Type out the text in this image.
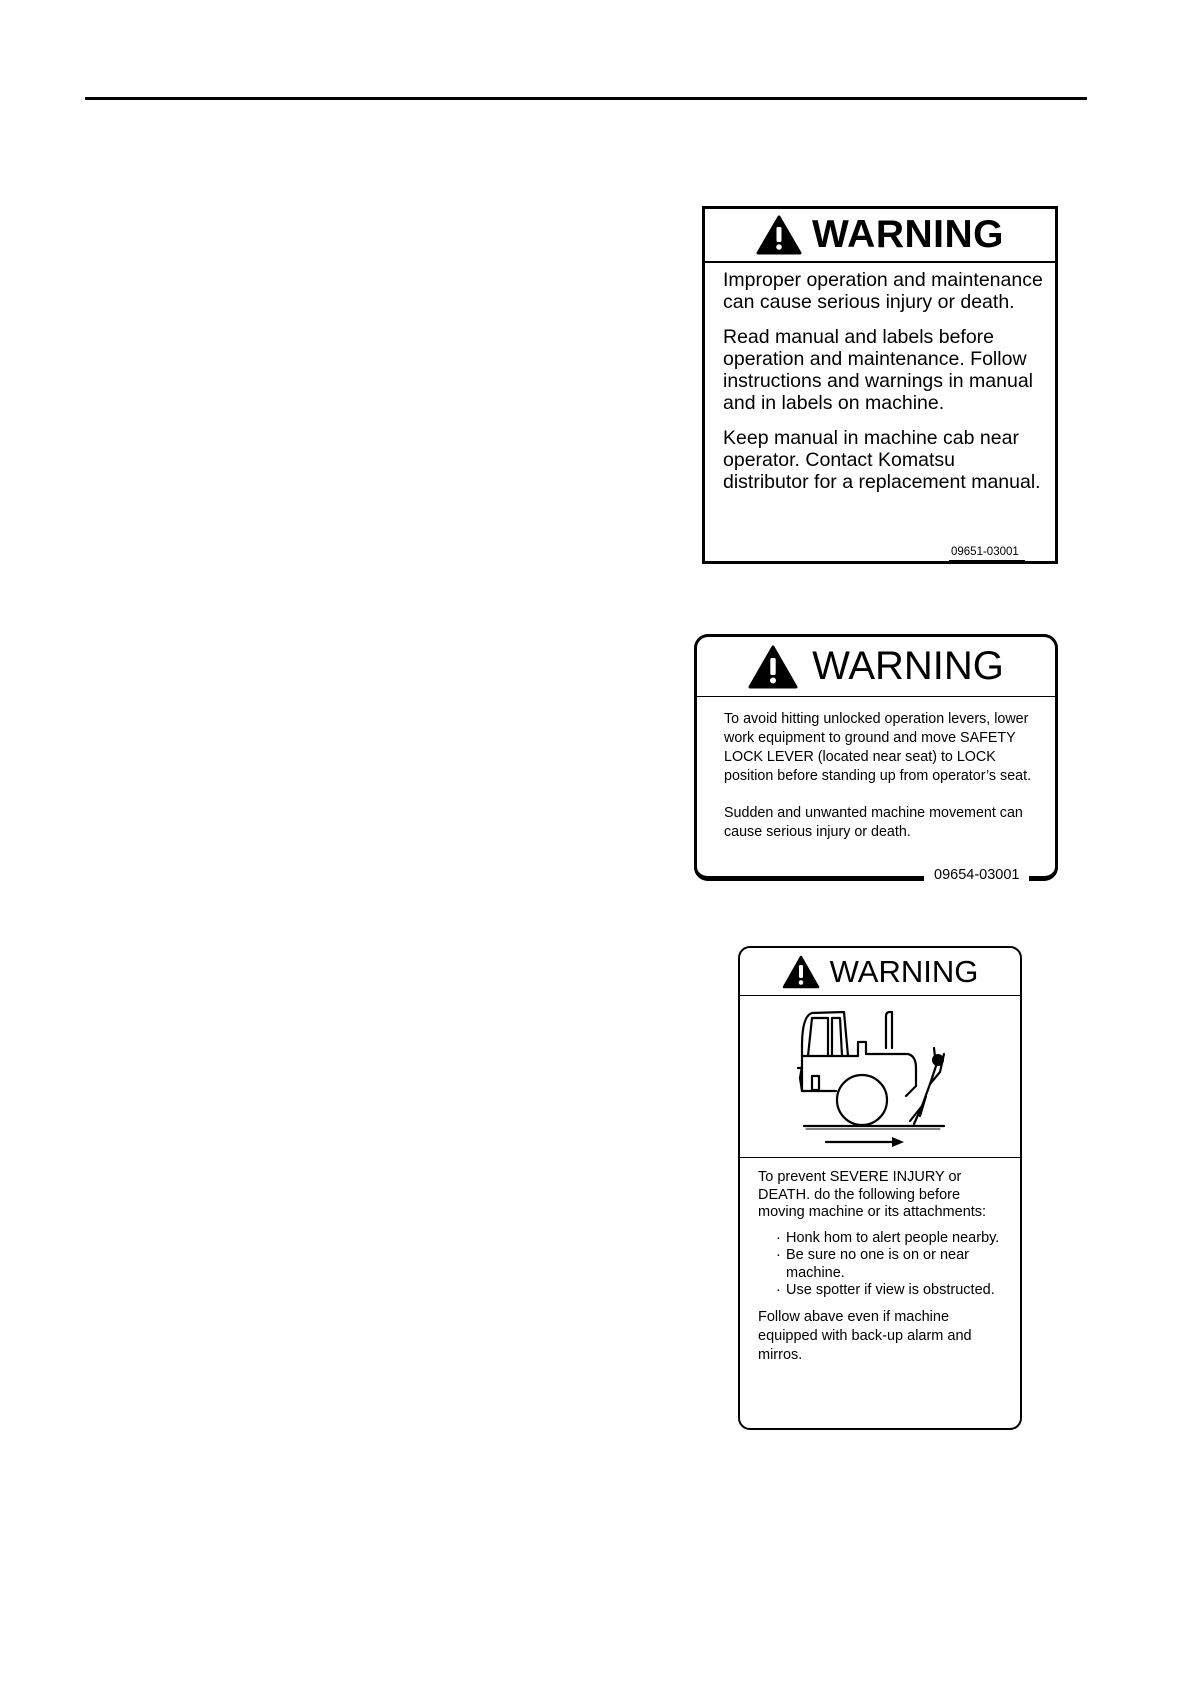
WARNING

Improper operation and maintenance can cause serious injury or death.

Read manual and labels before operation and maintenance. Follow instructions and warnings in manual and in labels on machine.

Keep manual in machine cab near operator. Contact Komatsu distributor for a replacement manual.

09651-03001
WARNING

To avoid hitting unlocked operation levers, lower work equipment to ground and move SAFETY LOCK LEVER (located near seat) to LOCK position before standing up from operator’s seat.

Sudden and unwanted machine movement can cause serious injury or death.

09654-03001
WARNING

To prevent SEVERE INJURY or DEATH. do the following before moving machine or its attachments:

· Honk hom to alert people nearby.
· Be sure no one is on or near machine.
· Use spotter if view is obstructed.

Follow abave even if machine equipped with back-up alarm and mirros.
